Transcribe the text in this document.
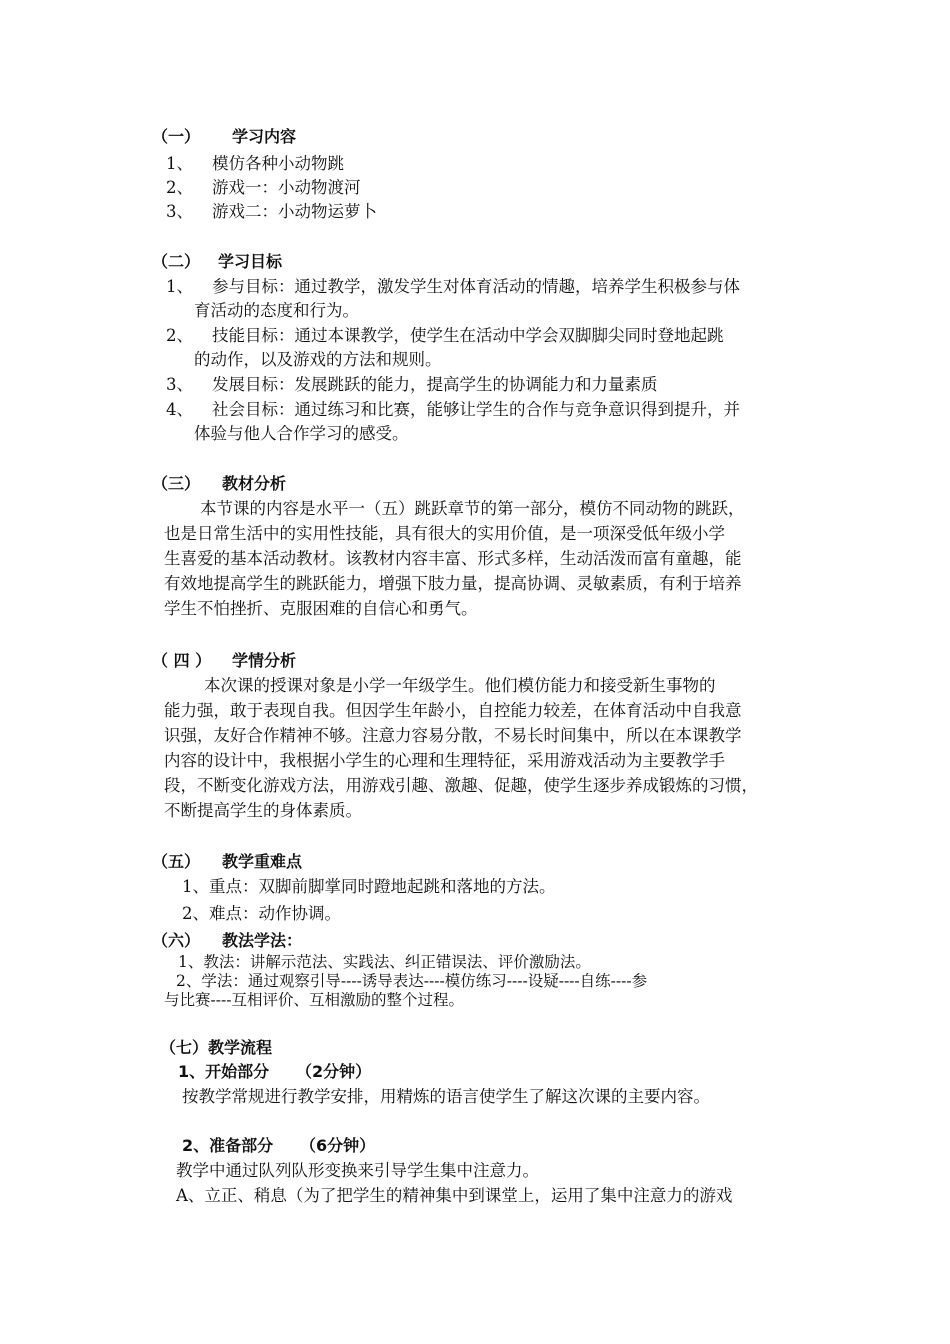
（一） 学习内容
1、 模仿各种小动物跳
2、 游戏一：小动物渡河
3、 游戏二：小动物运萝卜
（二） 学习目标
1、 参与目标：通过教学，激发学生对体育活动的情趣，培养学生积极参与体
育活动的态度和行为。
2、 技能目标：通过本课教学，使学生在活动中学会双脚脚尖同时登地起跳
的动作，以及游戏的方法和规则。
3、 发展目标：发展跳跃的能力，提高学生的协调能力和力量素质
4、 社会目标：通过练习和比赛，能够让学生的合作与竞争意识得到提升，并
体验与他人合作学习的感受。
（三） 教材分析
本节课的内容是水平一（五）跳跃章节的第一部分，模仿不同动物的跳跃，
也是日常生活中的实用性技能，具有很大的实用价值，是一项深受低年级小学
生喜爱的基本活动教材。该教材内容丰富、形式多样，生动活泼而富有童趣，能
有效地提高学生的跳跃能力，增强下肢力量，提高协调、灵敏素质，有利于培养
学生不怕挫折、克服困难的自信心和勇气。
（ 四 ） 学情分析
本次课的授课对象是小学一年级学生。他们模仿能力和接受新生事物的
能力强，敢于表现自我。但因学生年龄小，自控能力较差，在体育活动中自我意
识强，友好合作精神不够。注意力容易分散，不易长时间集中，所以在本课教学
内容的设计中，我根据小学生的心理和生理特征，采用游戏活动为主要教学手
段，不断变化游戏方法，用游戏引趣、激趣、促趣，使学生逐步养成锻炼的习惯，
不断提高学生的身体素质。
（五） 教学重难点
1、重点：双脚前脚掌同时蹬地起跳和落地的方法。
2、难点：动作协调。
（六） 教法学法：
1、教法：讲解示范法、实践法、纠正错误法、评价激励法。
2、学法：通过观察引导----诱导表达----模仿练习----设疑----自练----参
与比赛----互相评价、互相激励的整个过程。
（七）教学流程
1、开始部分 （2分钟）
按教学常规进行教学安排，用精炼的语言使学生了解这次课的主要内容。
2、准备部分 （6分钟）
教学中通过队列队形变换来引导学生集中注意力。
A、立正、稍息（为了把学生的精神集中到课堂上，运用了集中注意力的游戏
